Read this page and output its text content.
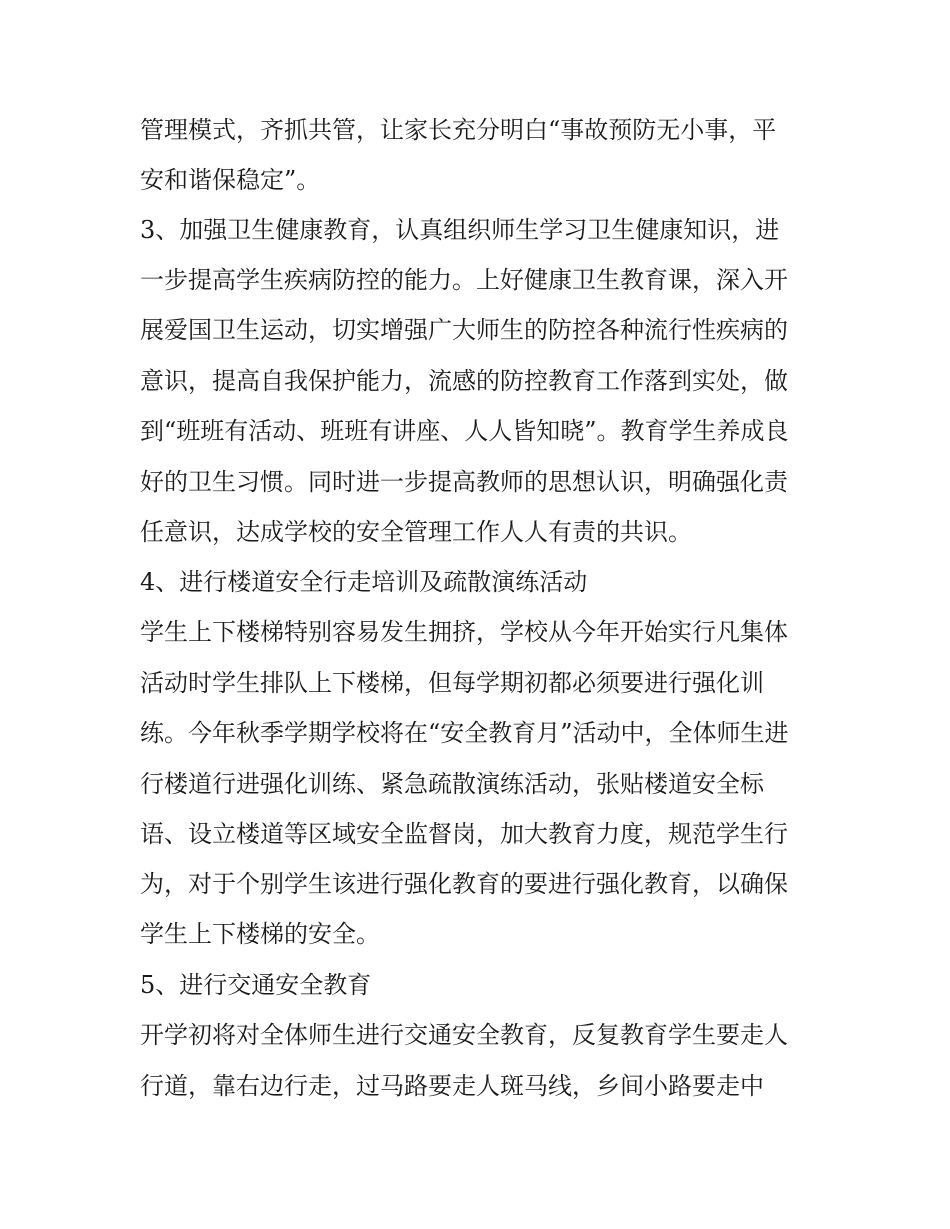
管理模式，齐抓共管，让家长充分明白“事故预防无小事，平
安和谐保稳定”。
3、加强卫生健康教育，认真组织师生学习卫生健康知识，进
一步提高学生疾病防控的能力。上好健康卫生教育课，深入开
展爱国卫生运动，切实增强广大师生的防控各种流行性疾病的
意识，提高自我保护能力，流感的防控教育工作落到实处，做
到“班班有活动、班班有讲座、人人皆知晓”。教育学生养成良
好的卫生习惯。同时进一步提高教师的思想认识，明确强化责
任意识，达成学校的安全管理工作人人有责的共识。
4、进行楼道安全行走培训及疏散演练活动
学生上下楼梯特别容易发生拥挤，学校从今年开始实行凡集体
活动时学生排队上下楼梯，但每学期初都必须要进行强化训
练。今年秋季学期学校将在“安全教育月”活动中，全体师生进
行楼道行进强化训练、紧急疏散演练活动，张贴楼道安全标
语、设立楼道等区域安全监督岗，加大教育力度，规范学生行
为，对于个别学生该进行强化教育的要进行强化教育，以确保
学生上下楼梯的安全。
5、进行交通安全教育
开学初将对全体师生进行交通安全教育，反复教育学生要走人
行道，靠右边行走，过马路要走人斑马线，乡间小路要走中
